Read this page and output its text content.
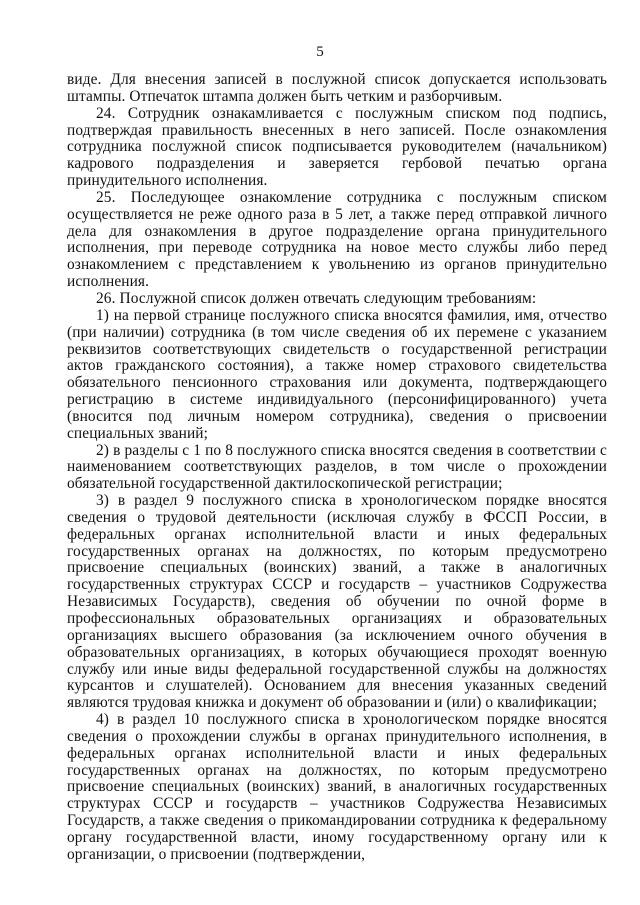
5

виде. Для внесения записей в послужной список допускается использовать штампы. Отпечаток штампа должен быть четким и разборчивым.

24. Сотрудник ознакамливается с послужным списком под подпись, подтверждая правильность внесенных в него записей. После ознакомления сотрудника послужной список подписывается руководителем (начальником) кадрового подразделения и заверяется гербовой печатью органа принудительного исполнения.

25. Последующее ознакомление сотрудника с послужным списком осуществляется не реже одного раза в 5 лет, а также перед отправкой личного дела для ознакомления в другое подразделение органа принудительного исполнения, при переводе сотрудника на новое место службы либо перед ознакомлением с представлением к увольнению из органов принудительно исполнения.

26. Послужной список должен отвечать следующим требованиям:

1) на первой странице послужного списка вносятся фамилия, имя, отчество (при наличии) сотрудника (в том числе сведения об их перемене с указанием реквизитов соответствующих свидетельств о государственной регистрации актов гражданского состояния), а также номер страхового свидетельства обязательного пенсионного страхования или документа, подтверждающего регистрацию в системе индивидуального (персонифицированного) учета (вносится под личным номером сотрудника), сведения о присвоении специальных званий;

2) в разделы с 1 по 8 послужного списка вносятся сведения в соответствии с наименованием соответствующих разделов, в том числе о прохождении обязательной государственной дактилоскопической регистрации;

3) в раздел 9 послужного списка в хронологическом порядке вносятся сведения о трудовой деятельности (исключая службу в ФССП России, в федеральных органах исполнительной власти и иных федеральных государственных органах на должностях, по которым предусмотрено присвоение специальных (воинских) званий, а также в аналогичных государственных структурах СССР и государств – участников Содружества Независимых Государств), сведения об обучении по очной форме в профессиональных образовательных организациях и образовательных организациях высшего образования (за исключением очного обучения в образовательных организациях, в которых обучающиеся проходят военную службу или иные виды федеральной государственной службы на должностях курсантов и слушателей). Основанием для внесения указанных сведений являются трудовая книжка и документ об образовании и (или) о квалификации;

4) в раздел 10 послужного списка в хронологическом порядке вносятся сведения о прохождении службы в органах принудительного исполнения, в федеральных органах исполнительной власти и иных федеральных государственных органах на должностях, по которым предусмотрено присвоение специальных (воинских) званий, в аналогичных государственных структурах СССР и государств – участников Содружества Независимых Государств, а также сведения о прикомандировании сотрудника к федеральному органу государственной власти, иному государственному органу или к организации, о присвоении (подтверждении,
